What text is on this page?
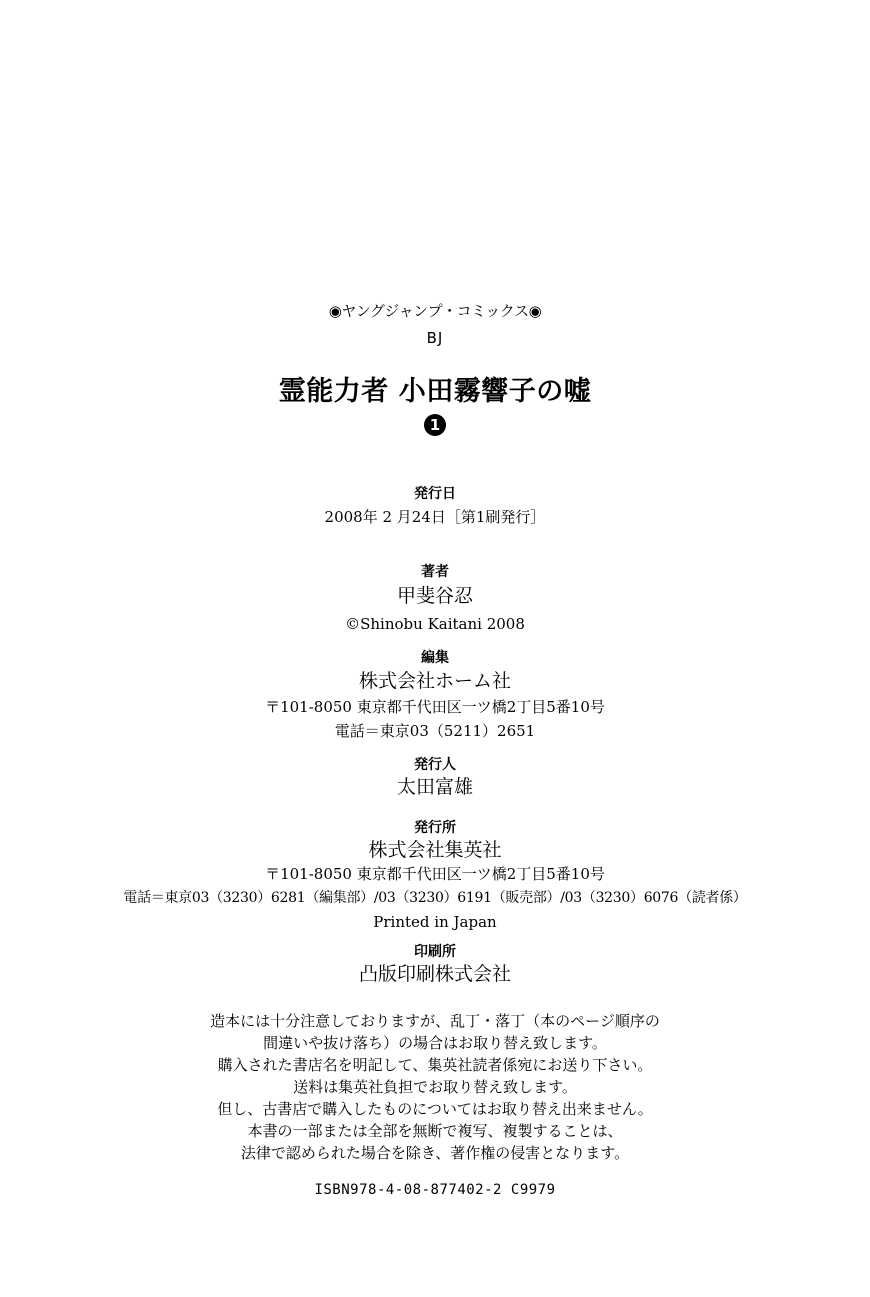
◉ヤングジャンプ・コミックス◉
BJ
霊能力者 小田霧響子の嘘
1
発行日
2008年 2 月24日［第1刷発行］
著者
甲斐谷忍
©Shinobu Kaitani 2008
編集
株式会社ホーム社
〒101-8050 東京都千代田区一ツ橋2丁目5番10号
電話＝東京03（5211）2651
発行人
太田富雄
発行所
株式会社集英社
〒101-8050 東京都千代田区一ツ橋2丁目5番10号
電話＝東京03（3230）6281（編集部）/03（3230）6191（販売部）/03（3230）6076（読者係）
Printed in Japan
印刷所
凸版印刷株式会社
造本には十分注意しておりますが、乱丁・落丁（本のページ順序の
間違いや抜け落ち）の場合はお取り替え致します。
購入された書店名を明記して、集英社読者係宛にお送り下さい。
送料は集英社負担でお取り替え致します。
但し、古書店で購入したものについてはお取り替え出来ません。
本書の一部または全部を無断で複写、複製することは、
法律で認められた場合を除き、著作権の侵害となります。
ISBN978-4-08-877402-2 C9979
